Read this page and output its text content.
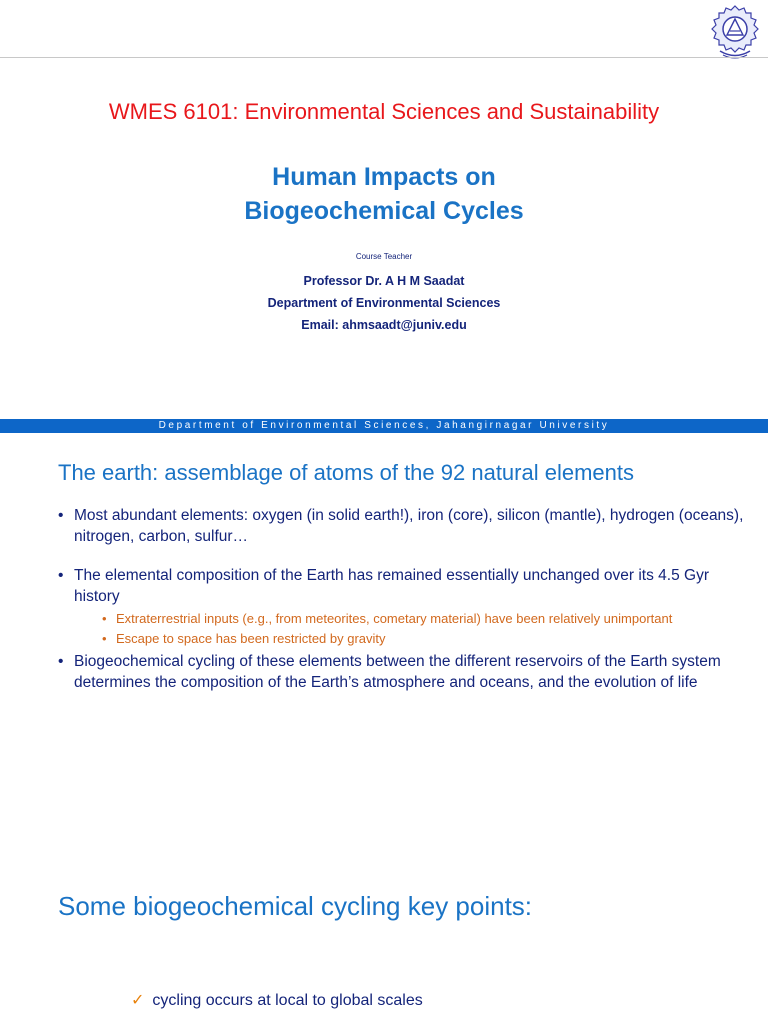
WMES 6101: Environmental Sciences and Sustainability
Human Impacts on
Biogeochemical Cycles
Course Teacher
Professor Dr. A H M Saadat
Department of Environmental Sciences
Email: ahmsaadt@juniv.edu
Department of Environmental Sciences, Jahangirnagar University
The earth: assemblage of atoms of the 92 natural elements
• Most abundant elements: oxygen (in solid earth!), iron (core), silicon (mantle), hydrogen (oceans), nitrogen, carbon, sulfur…
• The elemental composition of the Earth has remained essentially unchanged over its 4.5 Gyr history
• Extraterrestrial inputs (e.g., from meteorites, cometary material) have been relatively unimportant
• Escape to space has been restricted by gravity
• Biogeochemical cycling of these elements between the different reservoirs of the Earth system determines the composition of the Earth’s atmosphere and oceans, and the evolution of life
Some biogeochemical cycling key points:
✓ cycling occurs at local to global scales
